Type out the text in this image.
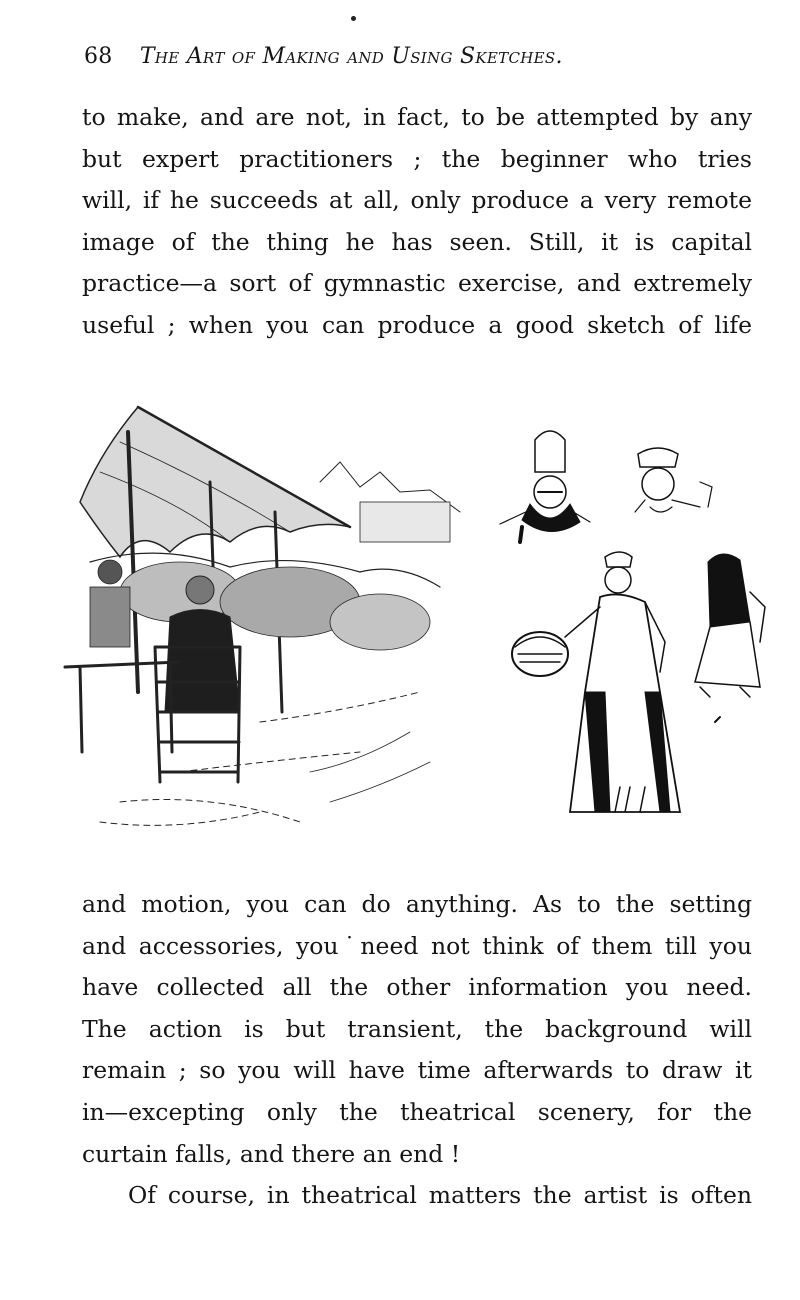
68 The Art of Making and Using Sketches.
to make, and are not, in fact, to be attempted by any
but expert practitioners ; the beginner who tries
will, if he succeeds at all, only produce a very remote
image of the thing he has seen. Still, it is capital
practice—a sort of gymnastic exercise, and extremely
useful ; when you can produce a good sketch of life
and motion, you can do anything. As to the setting
and accessories, you˙need not think of them till you
have collected all the other information you need.
The action is but transient, the background will
remain ; so you will have time afterwards to draw it
in—excepting only the theatrical scenery, for the
curtain falls, and there an end !
Of course, in theatrical matters the artist is often
